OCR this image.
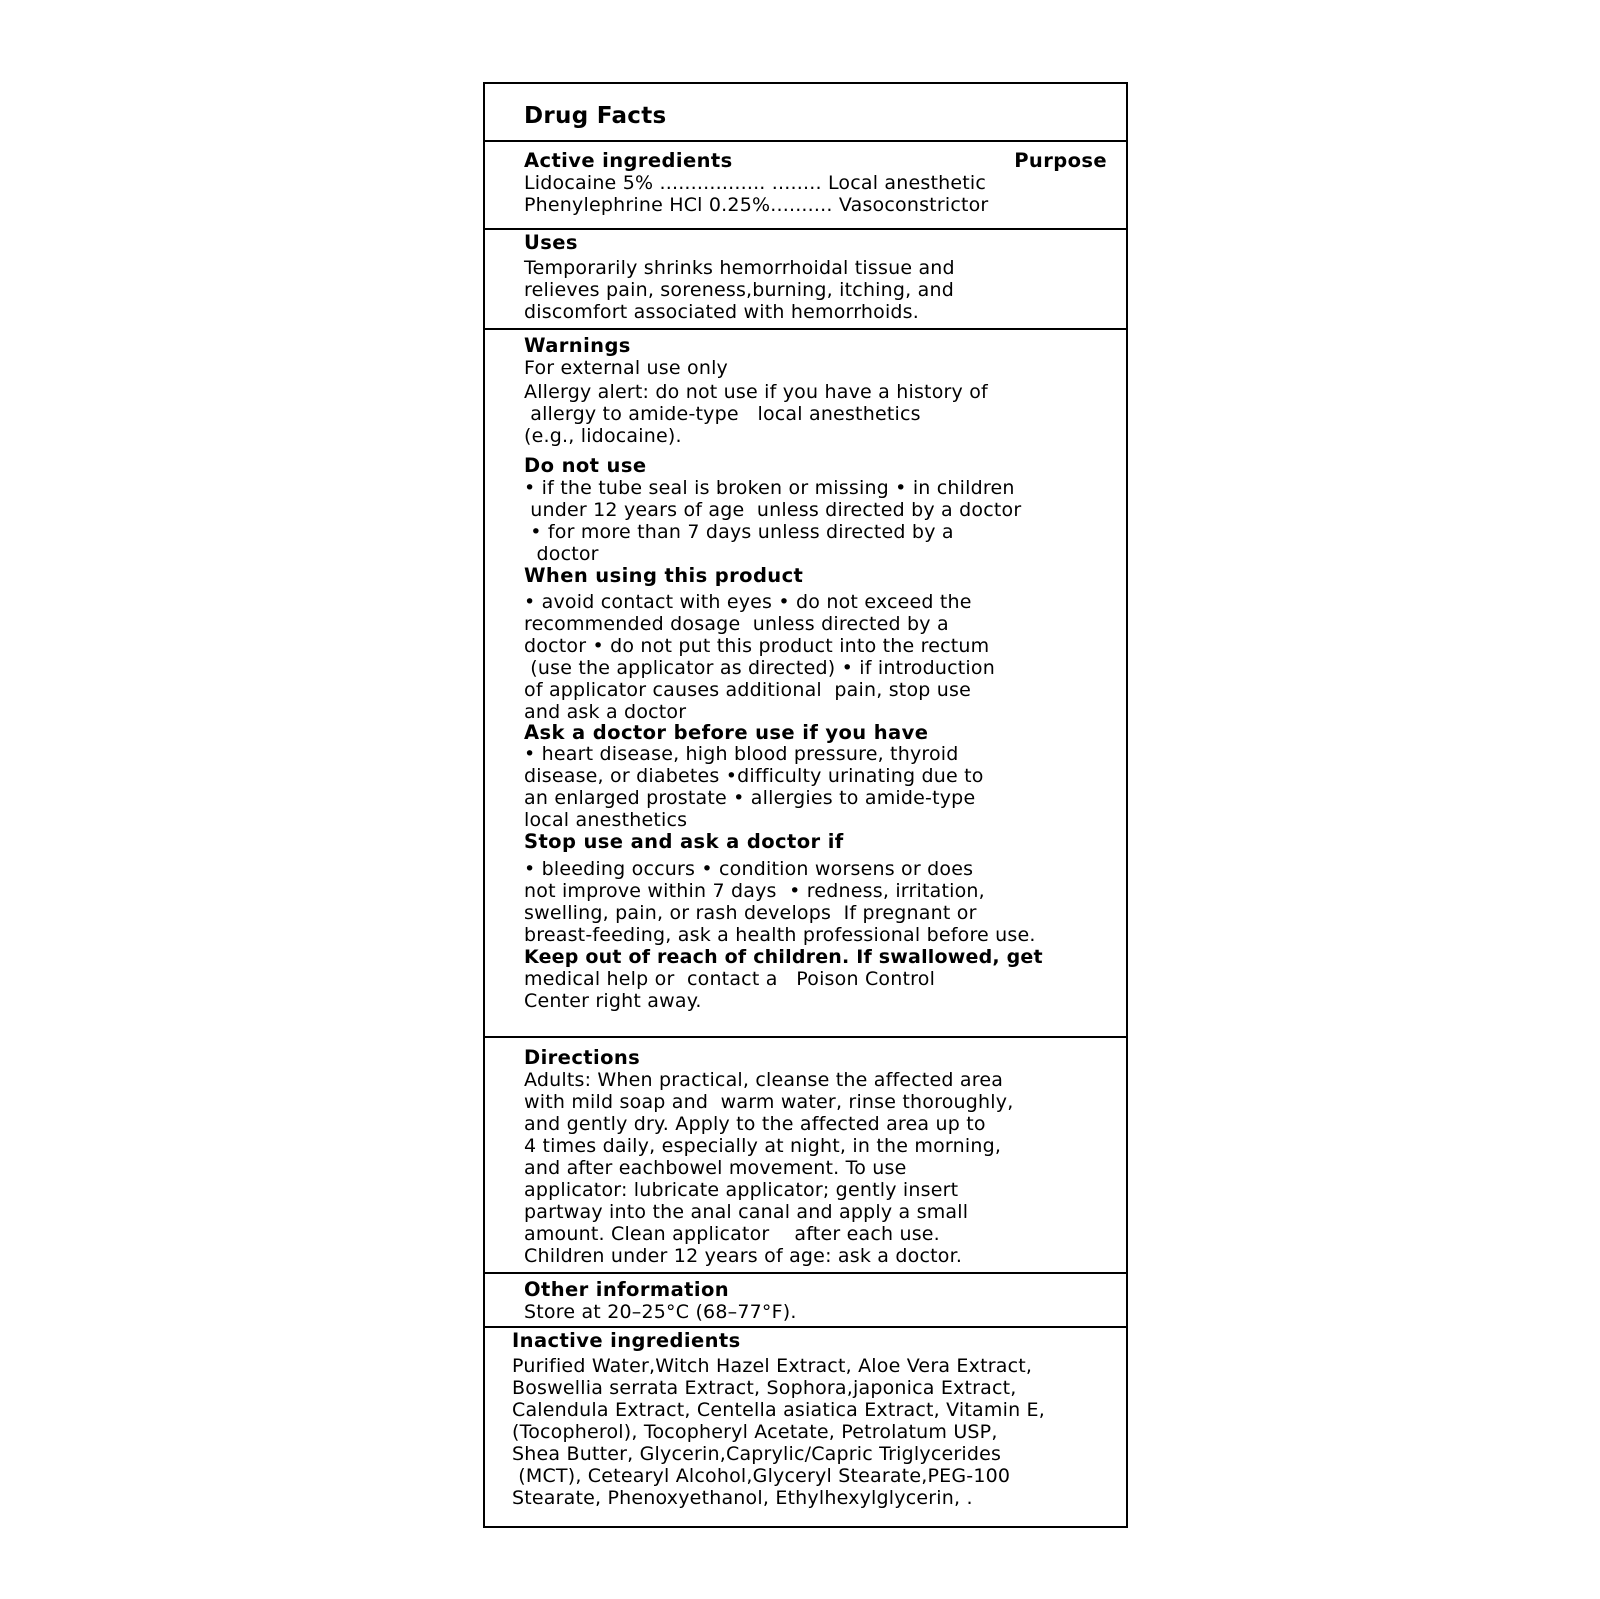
Drug Facts
Active ingredients	Purpose
Lidocaine 5% ................. ........ Local anesthetic
Phenylephrine HCl 0.25%.......... Vasoconstrictor
Uses
Temporarily shrinks hemorrhoidal tissue and
relieves pain, soreness,burning, itching, and
discomfort associated with hemorrhoids.
Warnings
For external use only
Allergy alert: do not use if you have a history of
allergy to amide-type   local anesthetics
(e.g., lidocaine).
Do not use
• if the tube seal is broken or missing • in children
under 12 years of age  unless directed by a doctor
• for more than 7 days unless directed by a
doctor
When using this product
• avoid contact with eyes • do not exceed the
recommended dosage  unless directed by a
doctor • do not put this product into the rectum
(use the applicator as directed) • if introduction
of applicator causes additional  pain, stop use
and ask a doctor
Ask a doctor before use if you have
• heart disease, high blood pressure, thyroid
disease, or diabetes •difficulty urinating due to
an enlarged prostate • allergies to amide-type
local anesthetics
Stop use and ask a doctor if
• bleeding occurs • condition worsens or does
not improve within 7 days  • redness, irritation,
swelling, pain, or rash develops  If pregnant or
breast-feeding, ask a health professional before use.
Keep out of reach of children. If swallowed, get
medical help or  contact a   Poison Control
Center right away.
Directions
Adults: When practical, cleanse the affected area
with mild soap and  warm water, rinse thoroughly,
and gently dry. Apply to the affected area up to
4 times daily, especially at night, in the morning,
and after eachbowel movement. To use
applicator: lubricate applicator; gently insert
partway into the anal canal and apply a small
amount. Clean applicator    after each use.
Children under 12 years of age: ask a doctor.
Other information
Store at 20–25°C (68–77°F).
Inactive ingredients
Purified Water,Witch Hazel Extract, Aloe Vera Extract,
Boswellia serrata Extract, Sophora,japonica Extract,
Calendula Extract, Centella asiatica Extract, Vitamin E,
(Tocopherol), Tocopheryl Acetate, Petrolatum USP,
Shea Butter, Glycerin,Caprylic/Capric Triglycerides
(MCT), Cetearyl Alcohol,Glyceryl Stearate,PEG-100
Stearate, Phenoxyethanol, Ethylhexylglycerin, .
